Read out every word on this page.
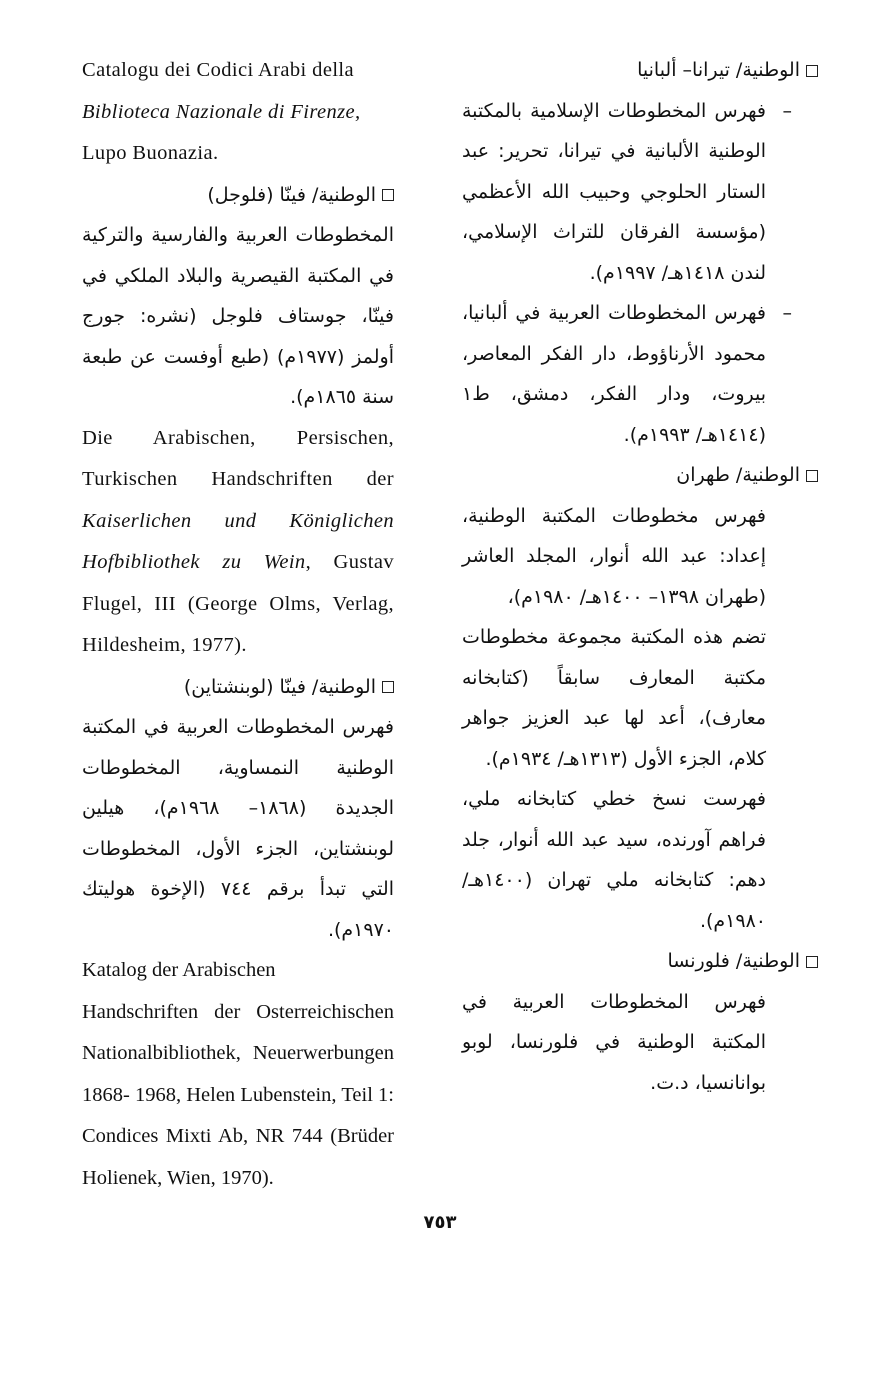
Catalogu dei Codici Arabi della
Biblioteca Nazionale di Firenze,
Lupo Buonazia.
الوطنية/ فينّا (فلوجل)

المخطوطات العربية والفارسية والتركية في المكتبة القيصرية والبلاد الملكي في فينّا، جوستاف فلوجل (نشره: جورج أولمز (١٩٧٧م) (طبع أوفست عن طبعة سنة ١٨٦٥م).

Die Arabischen, Persischen, Turkischen Handschriften der Kaiserlichen und Königlichen Hofbibliothek zu Wein, Gustav Flugel, III (George Olms, Verlag, Hildesheim, 1977).

الوطنية/ فينّا (لوبنشتاين)

فهرس المخطوطات العربية في المكتبة الوطنية النمساوية، المخطوطات الجديدة (١٨٦٨– ١٩٦٨م)، هيلين لوبنشتاين، الجزء الأول، المخطوطات التي تبدأ برقم ٧٤٤ (الإخوة هوليتك ١٩٧٠م).

Katalog der Arabischen
Handschriften der Osterreichischen Nationalbibliothek, Neuerwerbungen 1868- 1968, Helen Lubenstein, Teil 1: Condices Mixti Ab, NR 744 (Brüder Holienek, Wien, 1970).
الوطنية/ تيرانا– ألبانيا
–
فهرس المخطوطات الإسلامية بالمكتبة الوطنية الألبانية في تيرانا، تحرير: عبد الستار الحلوجي وحبيب الله الأعظمي (مؤسسة الفرقان للتراث الإسلامي، لندن ١٤١٨هـ/ ١٩٩٧م).
–
فهرس المخطوطات العربية في ألبانيا، محمود الأرناؤوط، دار الفكر المعاصر، بيروت، ودار الفكر، دمشق، ط١ (١٤١٤هـ/ ١٩٩٣م).
الوطنية/ طهران

فهرس مخطوطات المكتبة الوطنية، إعداد: عبد الله أنوار، المجلد العاشر (طهران ١٣٩٨– ١٤٠٠هـ/ ١٩٨٠م)،

تضم هذه المكتبة مجموعة مخطوطات مكتبة المعارف سابقاً (كتابخانه معارف)، أعد لها عبد العزيز جواهر كلام، الجزء الأول (١٣١٣هـ/ ١٩٣٤م).

فهرست نسخ خطي كتابخانه ملي، فراهم آورنده، سيد عبد الله أنوار، جلد دهم: كتابخانه ملي تهران (١٤٠٠هـ/ ١٩٨٠م).

الوطنية/ فلورنسا

فهرس المخطوطات العربية في المكتبة الوطنية في فلورنسا، لوبو بوانانسيا، د.ت.

٧٥٣
